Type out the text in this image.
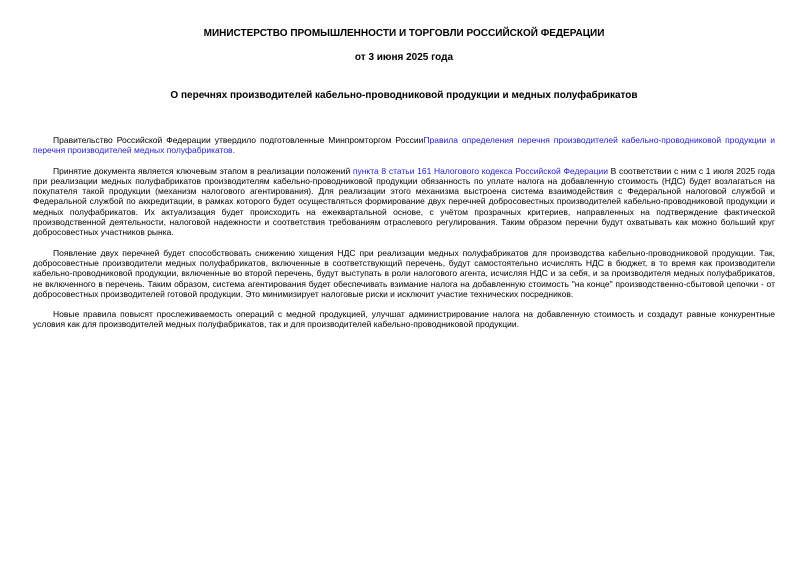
МИНИСТЕРСТВО ПРОМЫШЛЕННОСТИ И ТОРГОВЛИ РОССИЙСКОЙ ФЕДЕРАЦИИ

от 3 июня 2025 года

О перечнях производителей кабельно-проводниковой продукции и медных полуфабрикатов

Правительство Российской Федерации утвердило подготовленные Минпромторгом РоссииПравила определения перечня производителей кабельно-проводниковой продукции и перечня производителей медных полуфабрикатов.

Принятие документа является ключевым этапом в реализации положений пункта 8 статьи 161 Налогового кодекса Российской Федерации В соответствии с ним с 1 июля 2025 года при реализации медных полуфабрикатов производителям кабельно-проводниковой продукции обязанность по уплате налога на добавленную стоимость (НДС) будет возлагаться на покупателя такой продукции (механизм налогового агентирования). Для реализации этого механизма выстроена система взаимодействия с Федеральной налоговой службой и Федеральной службой по аккредитации, в рамках которого будет осуществляться формирование двух перечней добросовестных производителей кабельно-проводниковой продукции и медных полуфабрикатов. Их актуализация будет происходить на ежеквартальной основе, с учётом прозрачных критериев, направленных на подтверждение фактической производственной деятельности, налоговой надежности и соответствия требованиям отраслевого регулирования. Таким образом перечни будут охватывать как можно больший круг добросовестных участников рынка.

Появление двух перечней будет способствовать снижению хищения НДС при реализации медных полуфабрикатов для производства кабельно-проводниковой продукции. Так, добросовестные производители медных полуфабрикатов, включенные в соответствующий перечень, будут самостоятельно исчислять НДС в бюджет, в то время как производители кабельно-проводниковой продукции, включенные во второй перечень, будут выступать в роли налогового агента, исчисляя НДС и за себя, и за производителя медных полуфабрикатов, не включенного в перечень. Таким образом, система агентирования будет обеспечивать взимание налога на добавленную стоимость "на конце" производственно-сбытовой цепочки - от добросовестных производителей готовой продукции. Это минимизирует налоговые риски и исключит участие технических посредников.

Новые правила повысят прослеживаемость операций с медной продукцией, улучшат администрирование налога на добавленную стоимость и создадут равные конкурентные условия как для производителей медных полуфабрикатов, так и для производителей кабельно-проводниковой продукции.
